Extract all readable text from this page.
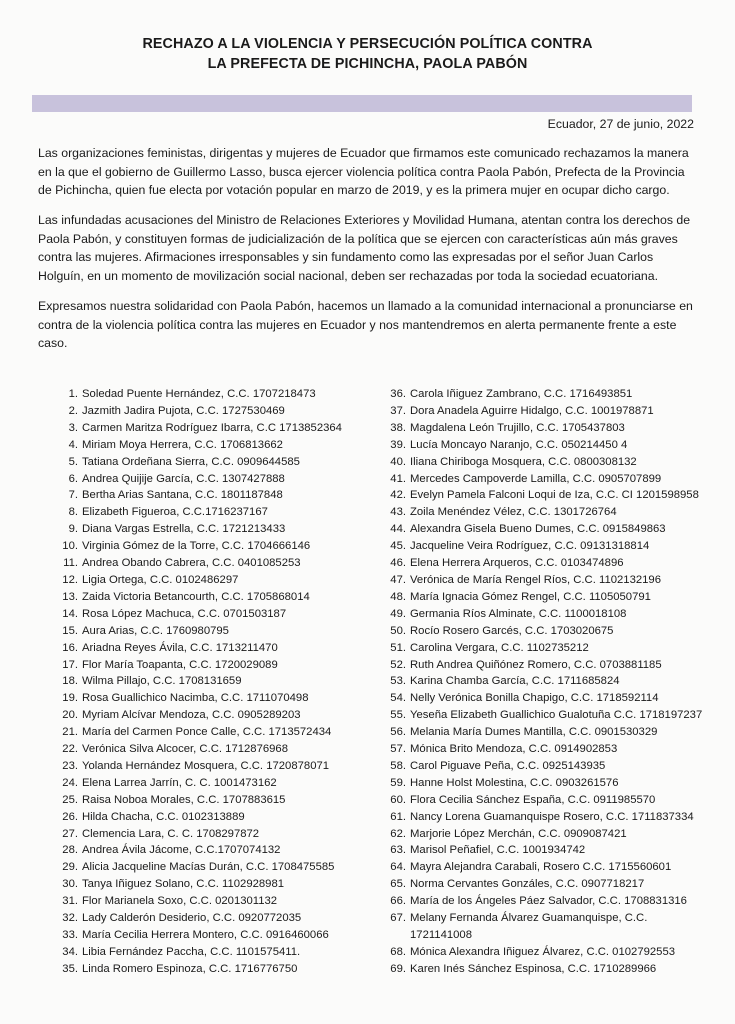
RECHAZO A LA VIOLENCIA Y PERSECUCIÓN POLÍTICA CONTRA
LA PREFECTA DE PICHINCHA, PAOLA PABÓN
Ecuador, 27 de junio, 2022
Las organizaciones feministas, dirigentas y mujeres de Ecuador que firmamos este comunicado rechazamos la manera
en la que el gobierno de Guillermo Lasso, busca ejercer violencia política contra Paola Pabón, Prefecta de la Provincia
de Pichincha, quien fue electa por votación popular en marzo de 2019, y es la primera mujer en ocupar dicho cargo.
Las infundadas acusaciones del Ministro de Relaciones Exteriores y Movilidad Humana, atentan contra los derechos de
Paola Pabón, y constituyen formas de judicialización de la política que se ejercen con características aún más graves
contra las mujeres. Afirmaciones irresponsables y sin fundamento como las expresadas por el señor Juan Carlos
Holguín, en un momento de movilización social nacional, deben ser rechazadas por toda la sociedad ecuatoriana.
Expresamos nuestra solidaridad con Paola Pabón, hacemos un llamado a la comunidad internacional a pronunciarse en
contra de la violencia política contra las mujeres en Ecuador y nos mantendremos en alerta permanente frente a este
caso.
1. Soledad Puente Hernández, C.C. 1707218473
2. Jazmith Jadira Pujota, C.C. 1727530469
3. Carmen Maritza Rodríguez Ibarra, C.C 1713852364
4. Miriam Moya Herrera, C.C. 1706813662
5. Tatiana Ordeñana Sierra, C.C. 0909644585
6. Andrea Quijije García, C.C. 1307427888
7. Bertha Arias Santana, C.C. 1801187848
8. Elizabeth Figueroa, C.C.1716237167
9. Diana Vargas Estrella, C.C. 1721213433
10. Virginia Gómez de la Torre, C.C. 1704666146
11. Andrea Obando Cabrera, C.C. 0401085253
12. Ligia Ortega, C.C. 0102486297
13. Zaida Victoria Betancourth, C.C. 1705868014
14. Rosa López Machuca, C.C. 0701503187
15. Aura Arias, C.C. 1760980795
16. Ariadna Reyes Ávila, C.C. 1713211470
17. Flor María Toapanta, C.C. 1720029089
18. Wilma Pillajo, C.C. 1708131659
19. Rosa Guallichico Nacimba, C.C. 1711070498
20. Myriam Alcívar Mendoza, C.C. 0905289203
21. María del Carmen Ponce Calle, C.C. 1713572434
22. Verónica Silva Alcocer, C.C. 1712876968
23. Yolanda Hernández Mosquera, C.C. 1720878071
24. Elena Larrea Jarrín, C. C. 1001473162
25. Raisa Noboa Morales, C.C. 1707883615
26. Hilda Chacha, C.C. 0102313889
27. Clemencia Lara, C. C. 1708297872
28. Andrea Ávila Jácome, C.C.1707074132
29. Alicia Jacqueline Macías Durán, C.C. 1708475585
30. Tanya Iñiguez Solano, C.C. 1102928981
31. Flor Marianela Soxo, C.C. 0201301132
32. Lady Calderón Desiderio, C.C. 0920772035
33. María Cecilia Herrera Montero, C.C. 0916460066
34. Libia Fernández Paccha, C.C. 1101575411.
35. Linda Romero Espinoza, C.C. 1716776750
36. Carola Iñiguez Zambrano, C.C. 1716493851
37. Dora Anadela Aguirre Hidalgo, C.C. 1001978871
38. Magdalena León Trujillo, C.C. 1705437803
39. Lucía Moncayo Naranjo, C.C. 050214450 4
40. Iliana Chiriboga Mosquera, C.C. 0800308132
41. Mercedes Campoverde Lamilla, C.C. 0905707899
42. Evelyn Pamela Falconi Loqui de Iza, C.C. CI 1201598958
43. Zoila Menéndez Vélez, C.C. 1301726764
44. Alexandra Gisela Bueno Dumes, C.C. 0915849863
45. Jacqueline Veira Rodríguez, C.C. 09131318814
46. Elena Herrera Arqueros, C.C. 0103474896
47. Verónica de María Rengel Ríos, C.C. 1102132196
48. María Ignacia Gómez Rengel, C.C. 1105050791
49. Germania Ríos Alminate, C.C. 1100018108
50. Rocío Rosero Garcés, C.C. 1703020675
51. Carolina Vergara, C.C. 1102735212
52. Ruth Andrea Quiñónez Romero, C.C. 0703881185
53. Karina Chamba García, C.C. 1711685824
54. Nelly Verónica Bonilla Chapigo, C.C. 1718592114
55. Yeseña Elizabeth Guallichico Gualotuña C.C. 1718197237
56. Melania María Dumes Mantilla, C.C. 0901530329
57. Mónica Brito Mendoza, C.C. 0914902853
58. Carol Piguave Peña, C.C. 0925143935
59. Hanne Holst Molestina, C.C. 0903261576
60. Flora Cecilia Sánchez España, C.C. 0911985570
61. Nancy Lorena Guamanquispe Rosero, C.C. 1711837334
62. Marjorie López Merchán, C.C. 0909087421
63. Marisol Peñafiel, C.C. 1001934742
64. Mayra Alejandra Carabali, Rosero C.C. 1715560601
65. Norma Cervantes Gonzáles, C.C. 0907718217
66. María de los Ángeles Páez Salvador, C.C. 1708831316
67. Melany Fernanda Álvarez Guamanquispe, C.C.
1721141008
68. Mónica Alexandra Iñiguez Álvarez, C.C. 0102792553
69. Karen Inés Sánchez Espinosa, C.C. 1710289966
